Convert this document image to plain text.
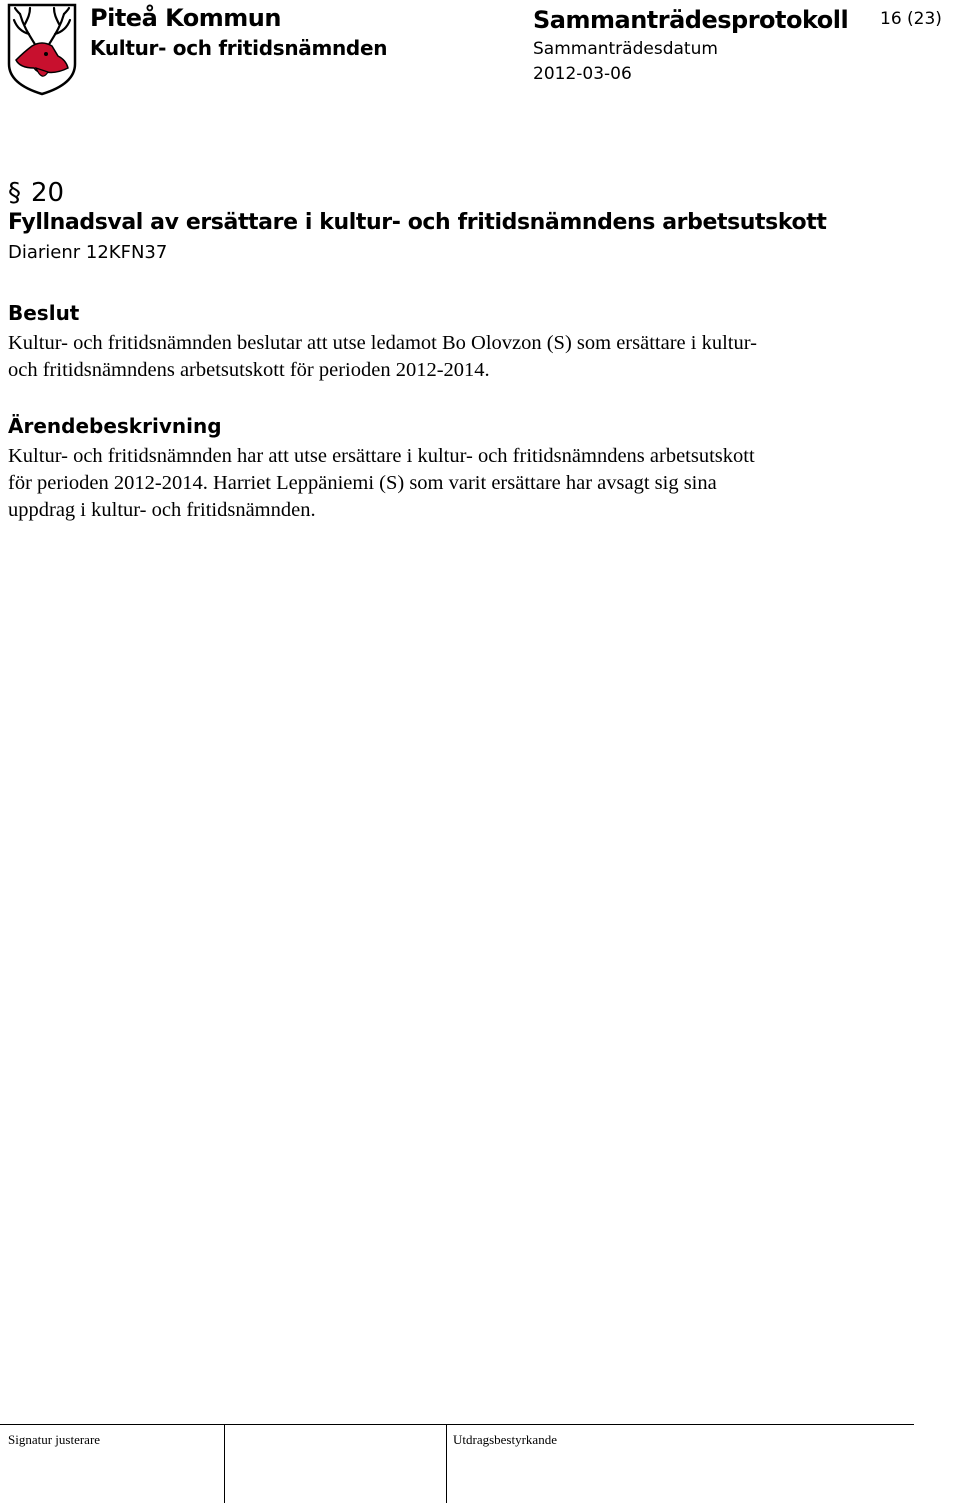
Piteå Kommun
Kultur- och fritidsnämnden
Sammanträdesprotokoll
Sammanträdesdatum
2012-03-06
16 (23)
§ 20
Fyllnadsval av ersättare i kultur- och fritidsnämndens arbetsutskott
Diarienr 12KFN37
Beslut
Kultur- och fritidsnämnden beslutar att utse ledamot Bo Olovzon (S) som ersättare i kultur-
och fritidsnämndens arbetsutskott för perioden 2012-2014.
Ärendebeskrivning
Kultur- och fritidsnämnden har att utse ersättare i kultur- och fritidsnämndens arbetsutskott
för perioden 2012-2014. Harriet Leppäniemi (S) som varit ersättare har avsagt sig sina
uppdrag i kultur- och fritidsnämnden.
Signatur justerare	Utdragsbestyrkande
